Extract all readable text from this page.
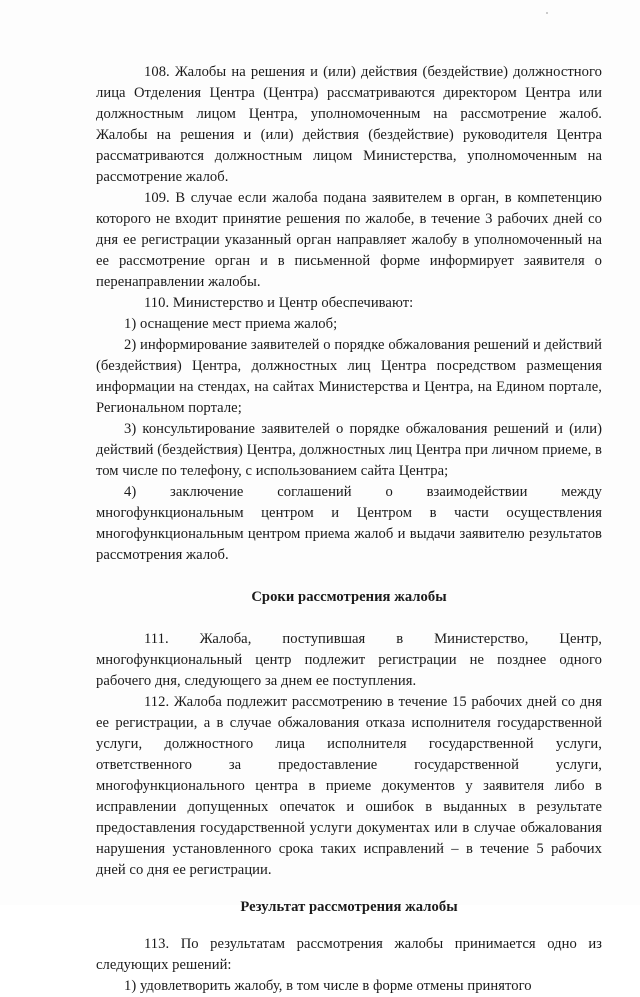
108. Жалобы на решения и (или) действия (бездействие) должностного лица Отделения Центра (Центра) рассматриваются директором Центра или должностным лицом Центра, уполномоченным на рассмотрение жалоб. Жалобы на решения и (или) действия (бездействие) руководителя Центра рассматриваются должностным лицом Министерства, уполномоченным на рассмотрение жалоб.

109. В случае если жалоба подана заявителем в орган, в компетенцию которого не входит принятие решения по жалобе, в течение 3 рабочих дней со дня ее регистрации указанный орган направляет жалобу в уполномоченный на ее рассмотрение орган и в письменной форме информирует заявителя о перенаправлении жалобы.

110. Министерство и Центр обеспечивают:

1) оснащение мест приема жалоб;

2) информирование заявителей о порядке обжалования решений и действий (бездействия) Центра, должностных лиц Центра посредством размещения информации на стендах, на сайтах Министерства и Центра, на Едином портале, Региональном портале;

3) консультирование заявителей о порядке обжалования решений и (или) действий (бездействия) Центра, должностных лиц Центра при личном приеме, в том числе по телефону, с использованием сайта Центра;

4) заключение соглашений о взаимодействии между многофункциональным центром и Центром в части осуществления многофункциональным центром приема жалоб и выдачи заявителю результатов рассмотрения жалоб.

Сроки рассмотрения жалобы

111. Жалоба, поступившая в Министерство, Центр, многофункциональный центр подлежит регистрации не позднее одного рабочего дня, следующего за днем ее поступления.

112. Жалоба подлежит рассмотрению в течение 15 рабочих дней со дня ее регистрации, а в случае обжалования отказа исполнителя государственной услуги, должностного лица исполнителя государственной услуги, ответственного за предоставление государственной услуги, многофункционального центра в приеме документов у заявителя либо в исправлении допущенных опечаток и ошибок в выданных в результате предоставления государственной услуги документах или в случае обжалования нарушения установленного срока таких исправлений – в течение 5 рабочих дней со дня ее регистрации.

Результат рассмотрения жалобы

113. По результатам рассмотрения жалобы принимается одно из следующих решений:

1) удовлетворить жалобу, в том числе в форме отмены принятого
